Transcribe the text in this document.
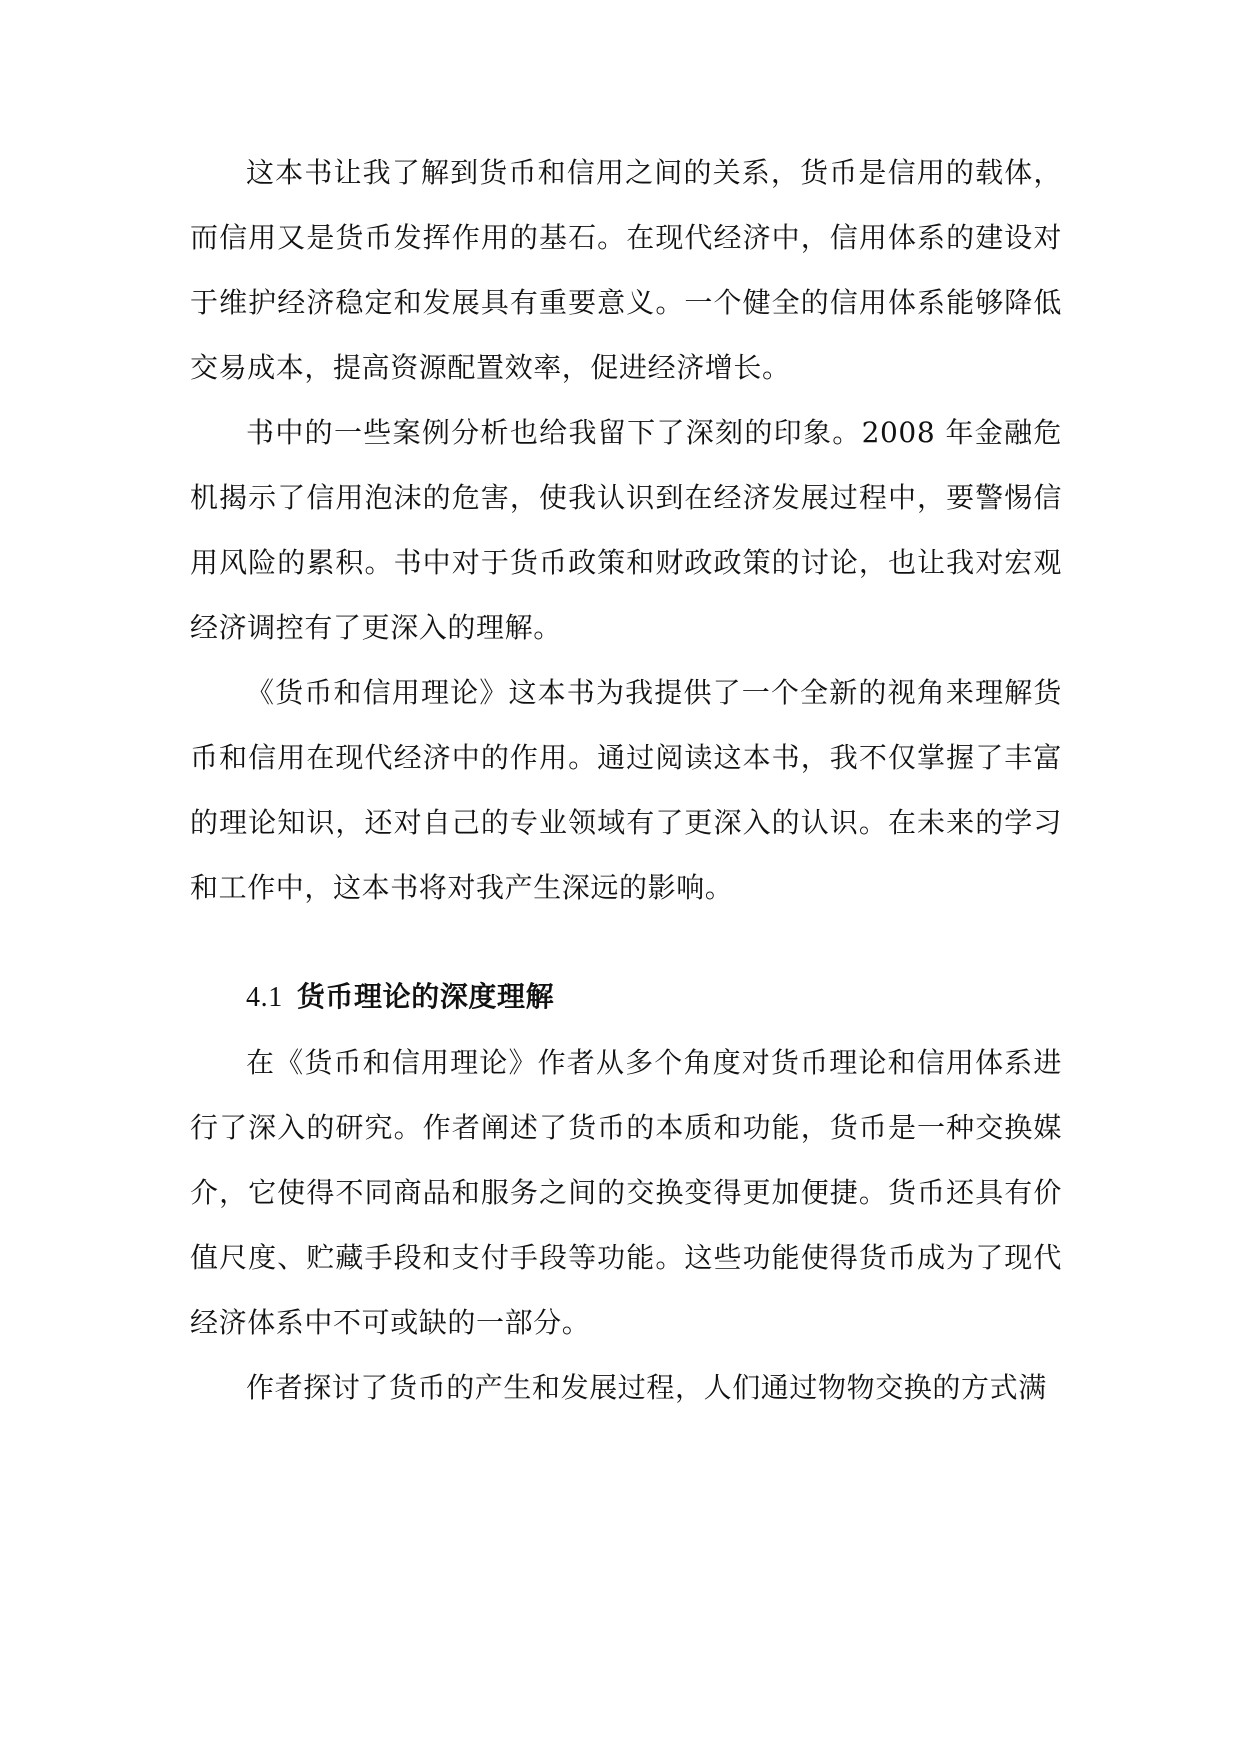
这本书让我了解到货币和信用之间的关系，货币是信用的载体，而信用又是货币发挥作用的基石。在现代经济中，信用体系的建设对于维护经济稳定和发展具有重要意义。一个健全的信用体系能够降低交易成本，提高资源配置效率，促进经济增长。

书中的一些案例分析也给我留下了深刻的印象。2008 年金融危机揭示了信用泡沫的危害，使我认识到在经济发展过程中，要警惕信用风险的累积。书中对于货币政策和财政政策的讨论，也让我对宏观经济调控有了更深入的理解。

《货币和信用理论》这本书为我提供了一个全新的视角来理解货币和信用在现代经济中的作用。通过阅读这本书，我不仅掌握了丰富的理论知识，还对自己的专业领域有了更深入的认识。在未来的学习和工作中，这本书将对我产生深远的影响。

4.1 货币理论的深度理解

在《货币和信用理论》作者从多个角度对货币理论和信用体系进行了深入的研究。作者阐述了货币的本质和功能，货币是一种交换媒介，它使得不同商品和服务之间的交换变得更加便捷。货币还具有价值尺度、贮藏手段和支付手段等功能。这些功能使得货币成为了现代经济体系中不可或缺的一部分。

作者探讨了货币的产生和发展过程，人们通过物物交换的方式满
